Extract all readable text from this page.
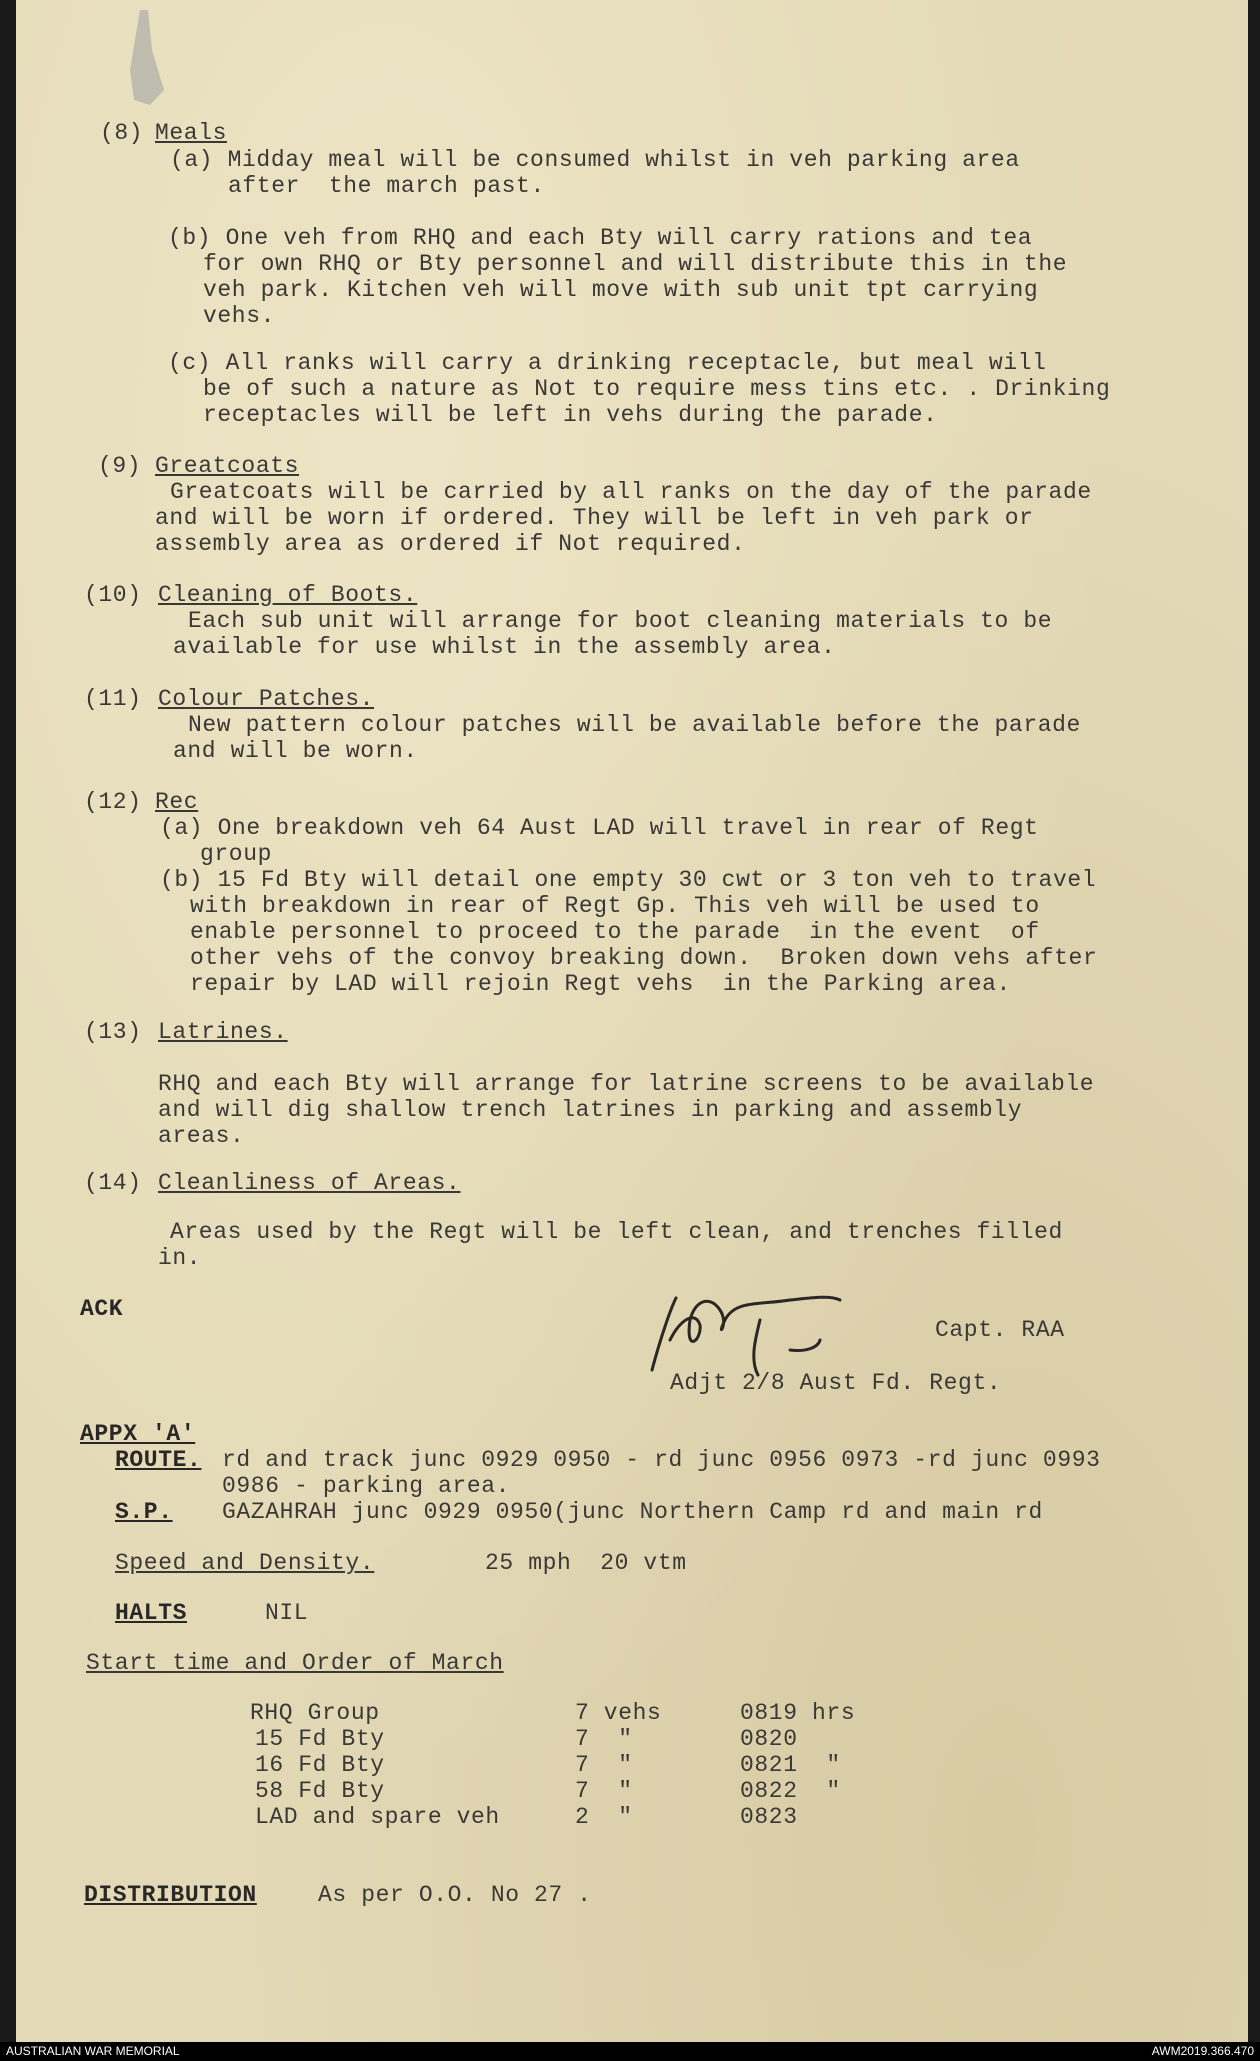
(8) Meals
(a) Midday meal will be consumed whilst in veh parking area
after  the march past.
(b) One veh from RHQ and each Bty will carry rations and tea
for own RHQ or Bty personnel and will distribute this in the
veh park. Kitchen veh will move with sub unit tpt carrying
vehs.
(c) All ranks will carry a drinking receptacle, but meal will
be of such a nature as Not to require mess tins etc. . Drinking
receptacles will be left in vehs during the parade.
(9) Greatcoats
Greatcoats will be carried by all ranks on the day of the parade
and will be worn if ordered. They will be left in veh park or
assembly area as ordered if Not required.
(10) Cleaning of Boots.
Each sub unit will arrange for boot cleaning materials to be
available for use whilst in the assembly area.
(11) Colour Patches.
New pattern colour patches will be available before the parade
and will be worn.
(12) Rec
(a) One breakdown veh 64 Aust LAD will travel in rear of Regt
group
(b) 15 Fd Bty will detail one empty 30 cwt or 3 ton veh to travel
with breakdown in rear of Regt Gp. This veh will be used to
enable personnel to proceed to the parade  in the event  of
other vehs of the convoy breaking down.  Broken down vehs after
repair by LAD will rejoin Regt vehs  in the Parking area.
(13) Latrines.
RHQ and each Bty will arrange for latrine screens to be available
and will dig shallow trench latrines in parking and assembly
areas.
(14) Cleanliness of Areas.
Areas used by the Regt will be left clean, and trenches filled
in.
ACK
Capt. RAA
Adjt 2/8 Aust Fd. Regt.
APPX 'A'
ROUTE. rd and track junc 0929 0950 - rd junc 0956 0973 -rd junc 0993
0986 - parking area.
S.P. GAZAHRAH junc 0929 0950(junc Northern Camp rd and main rd
Speed and Density.	25 mph  20 vtm
HALTS	NIL
Start time and Order of March
RHQ Group	7 vehs	0819 hrs
15 Fd Bty	7  "	0820
16 Fd Bty	7  "	0821  "
58 Fd Bty	7  "	0822  "
LAD and spare veh	2  "	0823
DISTRIBUTION	As per O.O. No 27 .
AUSTRALIAN WAR MEMORIAL	AWM2019.366.470
